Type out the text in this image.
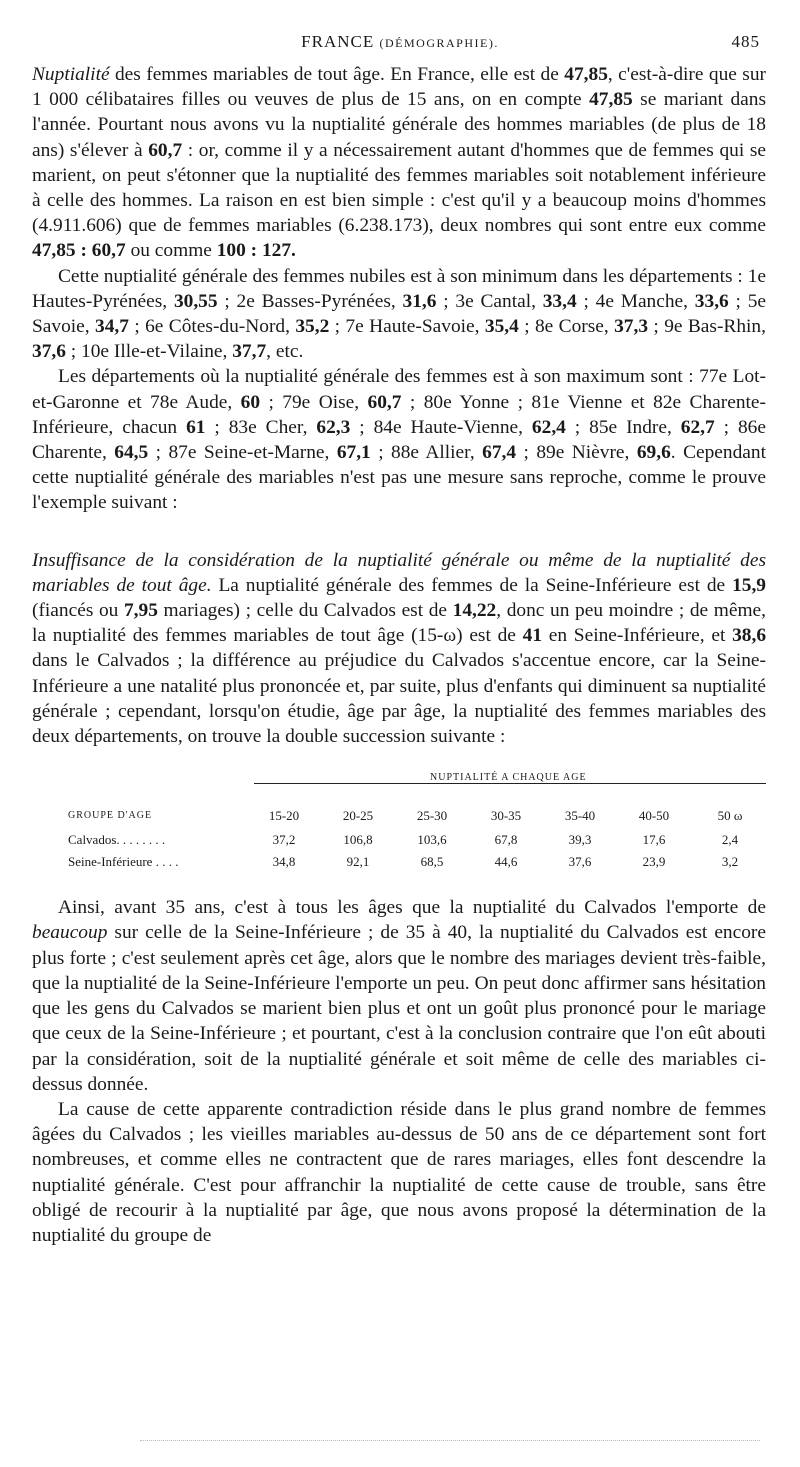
FRANCE (DÉMOGRAPHIE).	485

Nuptialité des femmes mariables de tout âge. En France, elle est de 47,85, c'est-à-dire que sur 1 000 célibataires filles ou veuves de plus de 15 ans, on en compte 47,85 se mariant dans l'année. Pourtant nous avons vu la nuptialité générale des hommes mariables (de plus de 18 ans) s'élever à 60,7 : or, comme il y a nécessairement autant d'hommes que de femmes qui se marient, on peut s'étonner que la nuptialité des femmes mariables soit notablement inférieure à celle des hommes. La raison en est bien simple : c'est qu'il y a beaucoup moins d'hommes (4.911.606) que de femmes mariables (6.238.173), deux nombres qui sont entre eux comme 47,85 : 60,7 ou comme 100 : 127.

Cette nuptialité générale des femmes nubiles est à son minimum dans les départements : 1e Hautes-Pyrénées, 30,55 ; 2e Basses-Pyrénées, 31,6 ; 3e Cantal, 33,4 ; 4e Manche, 33,6 ; 5e Savoie, 34,7 ; 6e Côtes-du-Nord, 35,2 ; 7e Haute-Savoie, 35,4 ; 8e Corse, 37,3 ; 9e Bas-Rhin, 37,6 ; 10e Ille-et-Vilaine, 37,7, etc.

Les départements où la nuptialité générale des femmes est à son maximum sont : 77e Lot-et-Garonne et 78e Aude, 60 ; 79e Oise, 60,7 ; 80e Yonne ; 81e Vienne et 82e Charente-Inférieure, chacun 61 ; 83e Cher, 62,3 ; 84e Haute-Vienne, 62,4 ; 85e Indre, 62,7 ; 86e Charente, 64,5 ; 87e Seine-et-Marne, 67,1 ; 88e Allier, 67,4 ; 89e Nièvre, 69,6. Cependant cette nuptialité générale des mariables n'est pas une mesure sans reproche, comme le prouve l'exemple suivant :

Insuffisance de la considération de la nuptialité générale ou même de la nuptialité des mariables de tout âge. La nuptialité générale des femmes de la Seine-Inférieure est de 15,9 (fiancés ou 7,95 mariages) ; celle du Calvados est de 14,22, donc un peu moindre ; de même, la nuptialité des femmes mariables de tout âge (15-ω) est de 41 en Seine-Inférieure, et 38,6 dans le Calvados ; la différence au préjudice du Calvados s'accentue encore, car la Seine-Inférieure a une natalité plus prononcée et, par suite, plus d'enfants qui diminuent sa nuptialité générale ; cependant, lorsqu'on étudie, âge par âge, la nuptialité des femmes mariables des deux départements, on trouve la double succession suivante :

NUPTIALITÉ A CHAQUE AGE
GROUPE D'AGE	15-20	20-25	25-30	30-35	35-40	40-50	50 ω
Calvados. . . . . . . .	37,2	106,8	103,6	67,8	39,3	17,6	2,4
Seine-Inférieure . . . .	34,8	92,1	68,5	44,6	37,6	23,9	3,2

Ainsi, avant 35 ans, c'est à tous les âges que la nuptialité du Calvados l'emporte de beaucoup sur celle de la Seine-Inférieure ; de 35 à 40, la nuptialité du Calvados est encore plus forte ; c'est seulement après cet âge, alors que le nombre des mariages devient très-faible, que la nuptialité de la Seine-Inférieure l'emporte un peu. On peut donc affirmer sans hésitation que les gens du Calvados se marient bien plus et ont un goût plus prononcé pour le mariage que ceux de la Seine-Inférieure ; et pourtant, c'est à la conclusion contraire que l'on eût abouti par la considération, soit de la nuptialité générale et soit même de celle des mariables ci-dessus donnée.

La cause de cette apparente contradiction réside dans le plus grand nombre de femmes âgées du Calvados ; les vieilles mariables au-dessus de 50 ans de ce département sont fort nombreuses, et comme elles ne contractent que de rares mariages, elles font descendre la nuptialité générale. C'est pour affranchir la nuptialité de cette cause de trouble, sans être obligé de recourir à la nuptialité par âge, que nous avons proposé la détermination de la nuptialité du groupe de
